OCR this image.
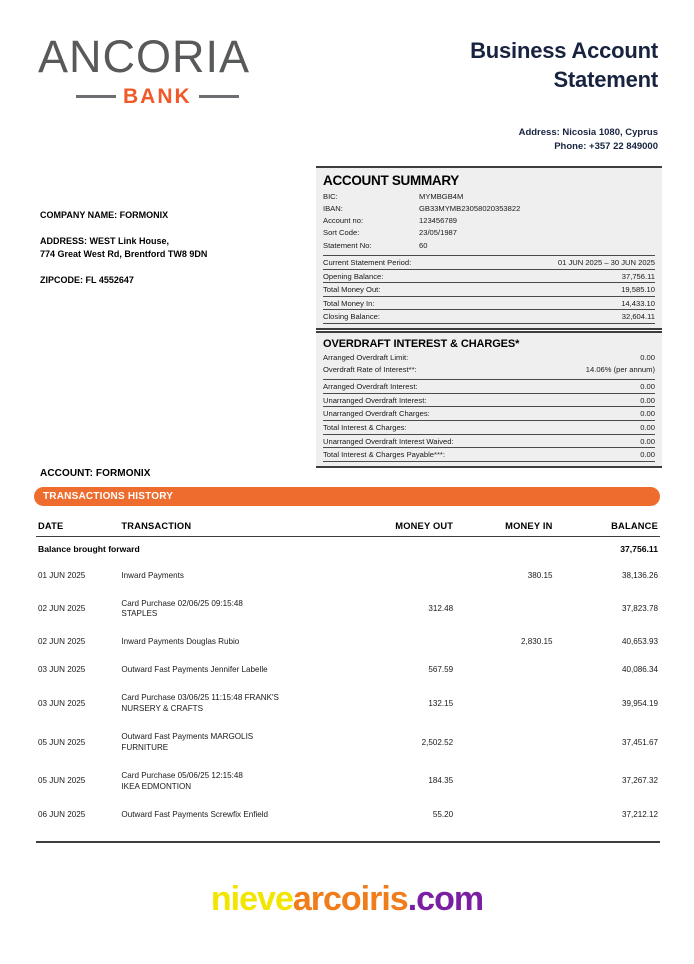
ANCORIA
BANK
Business Account
Statement
Address: Nicosia 1080, Cyprus
Phone: +357 22 849000
COMPANY NAME: FORMONIX
ADDRESS: WEST Link House,
774 Great West Rd, Brentford TW8 9DN
ZIPCODE: FL 4552647
ACCOUNT SUMMARY
BIC:	MYMBGB4M
IBAN:	GB33MYMB23058020353822
Account no:	123456789
Sort Code:	23/05/1987
Statement No:	60
Current Statement Period:	01 JUN 2025 – 30 JUN 2025
Opening Balance:	37,756.11
Total Money Out:	19,585.10
Total Money In:	14,433.10
Closing Balance:	32,604.11
OVERDRAFT INTEREST & CHARGES*
Arranged Overdraft Limit:	0.00
Overdraft Rate of Interest**:	14.06% (per annum)
Arranged Overdraft Interest:	0.00
Unarranged Overdraft Interest:	0.00
Unarranged Overdraft Charges:	0.00
Total Interest & Charges:	0.00
Unarranged Overdraft Interest Waived:	0.00
Total Interest & Charges Payable***:	0.00
ACCOUNT: FORMONIX
TRANSACTIONS HISTORY
DATE	TRANSACTION	MONEY OUT	MONEY IN	BALANCE
Balance brought forward				37,756.11
01 JUN 2025	Inward Payments		380.15	38,136.26
02 JUN 2025	Card Purchase 02/06/25 09:15:48
STAPLES	312.48		37,823.78
02 JUN 2025	Inward Payments Douglas Rubio		2,830.15	40,653.93
03 JUN 2025	Outward Fast Payments Jennifer Labelle	567.59		40,086.34
03 JUN 2025	Card Purchase 03/06/25 11:15:48 FRANK'S
NURSERY & CRAFTS	132.15		39,954.19
05 JUN 2025	Outward Fast Payments MARGOLIS
FURNITURE	2,502.52		37,451.67
05 JUN 2025	Card Purchase 05/06/25 12:15:48
IKEA EDMONTION	184.35		37,267.32
06 JUN 2025	Outward Fast Payments Screwfix Enfield	55.20		37,212.12
nievearcoiris.com
